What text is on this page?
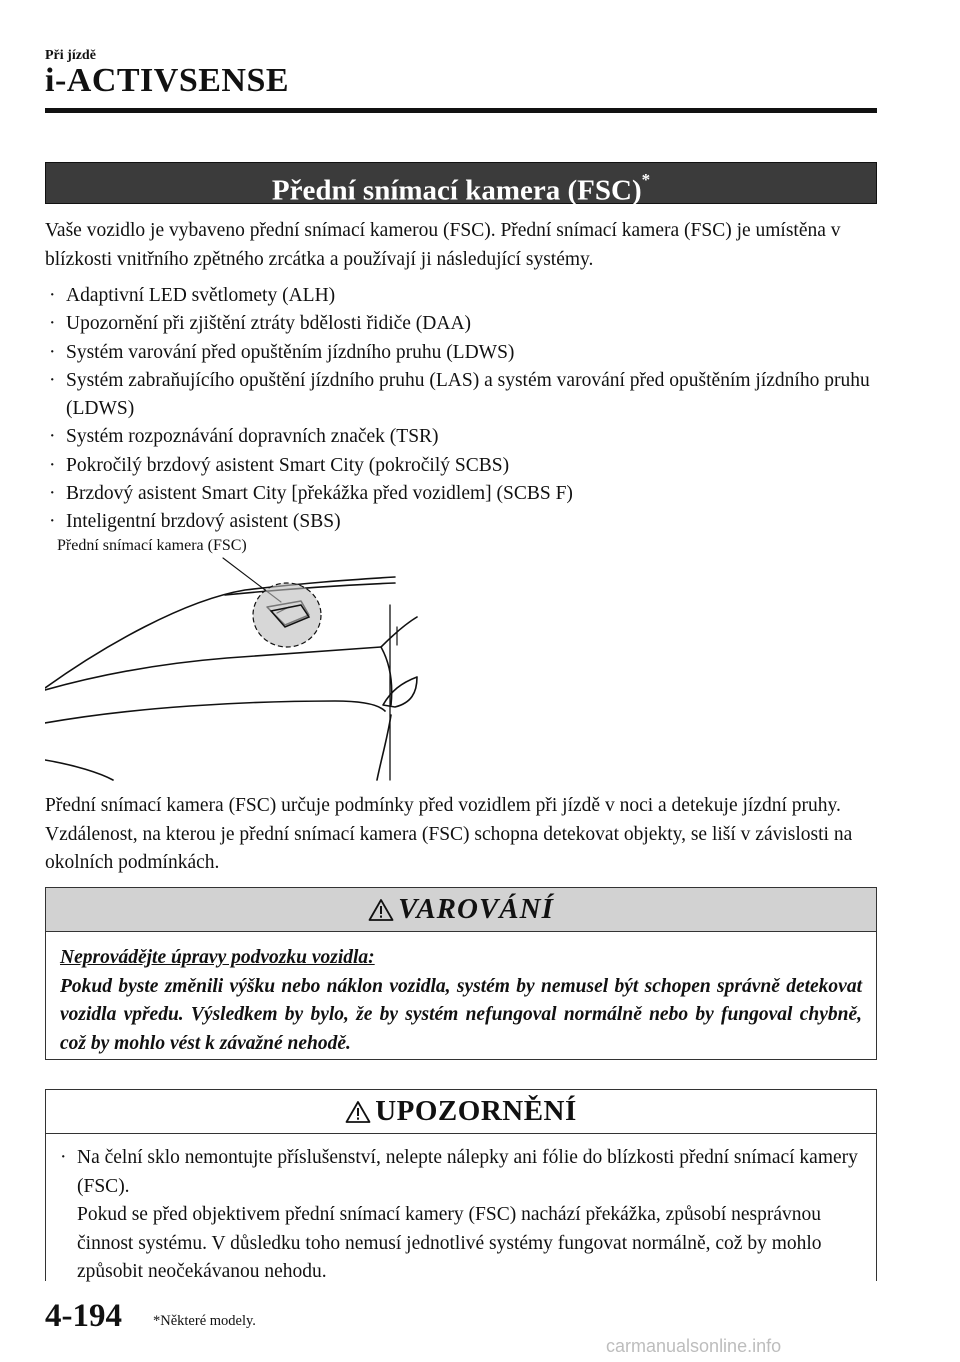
Při jízdě
i-ACTIVSENSE
Přední snímací kamera (FSC)*
Vaše vozidlo je vybaveno přední snímací kamerou (FSC). Přední snímací kamera (FSC) je umístěna v blízkosti vnitřního zpětného zrcátka a používají ji následující systémy.
· Adaptivní LED světlomety (ALH)
· Upozornění při zjištění ztráty bdělosti řidiče (DAA)
· Systém varování před opuštěním jízdního pruhu (LDWS)
· Systém zabraňujícího opuštění jízdního pruhu (LAS) a systém varování před opuštěním jízdního pruhu (LDWS)
· Systém rozpoznávání dopravních značek (TSR)
· Pokročilý brzdový asistent Smart City (pokročilý SCBS)
· Brzdový asistent Smart City [překážka před vozidlem] (SCBS F)
· Inteligentní brzdový asistent (SBS)
Přední snímací kamera (FSC)
Přední snímací kamera (FSC) určuje podmínky před vozidlem při jízdě v noci a detekuje jízdní pruhy. Vzdálenost, na kterou je přední snímací kamera (FSC) schopna detekovat objekty, se liší v závislosti na okolních podmínkách.
VAROVÁNÍ
Neprovádějte úpravy podvozku vozidla:
Pokud byste změnili výšku nebo náklon vozidla, systém by nemusel být schopen správně detekovat vozidla vpředu. Výsledkem by bylo, že by systém nefungoval normálně nebo by fungoval chybně, což by mohlo vést k závažné nehodě.
UPOZORNĚNÍ
· Na čelní sklo nemontujte příslušenství, nelepte nálepky ani fólie do blízkosti přední snímací kamery (FSC).
Pokud se před objektivem přední snímací kamery (FSC) nachází překážka, způsobí nesprávnou činnost systému. V důsledku toho nemusí jednotlivé systémy fungovat normálně, což by mohlo způsobit neočekávanou nehodu.
4-194 *Některé modely.
carmanualsonline.info
